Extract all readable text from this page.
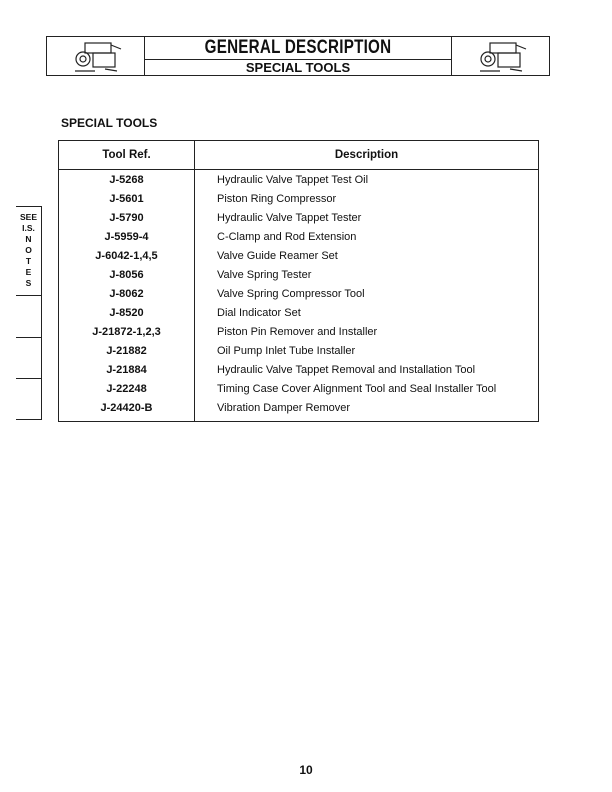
GENERAL DESCRIPTION
SPECIAL TOOLS
SPECIAL TOOLS
Tool Ref.	Description
J-5268	Hydraulic Valve Tappet Test Oil
J-5601	Piston Ring Compressor
J-5790	Hydraulic Valve Tappet Tester
J-5959-4	C-Clamp and Rod Extension
J-6042-1,4,5	Valve Guide Reamer Set
J-8056	Valve Spring Tester
J-8062	Valve Spring Compressor Tool
J-8520	Dial Indicator Set
J-21872-1,2,3	Piston Pin Remover and Installer
J-21882	Oil Pump Inlet Tube Installer
J-21884	Hydraulic Valve Tappet Removal and Installation Tool
J-22248	Timing Case Cover Alignment Tool and Seal Installer Tool
J-24420-B	Vibration Damper Remover
SEE
I.S.
N
O
T
E
S
10
